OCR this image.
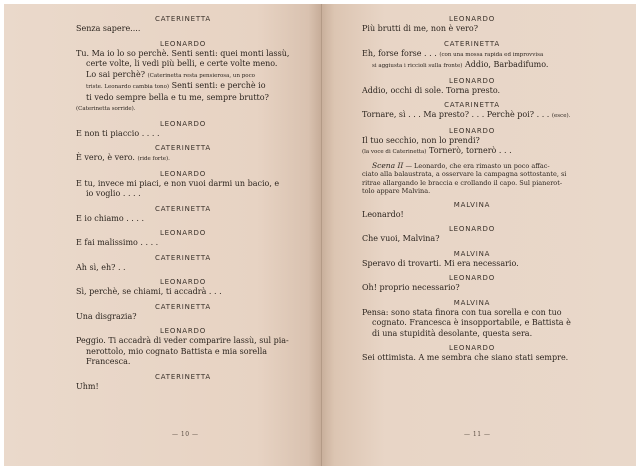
CATERINETTA
Senza sapere....
LEONARDO
Tu. Ma io lo so perchè. Senti senti: quei monti lassù,
certe volte, li vedi più belli, e certe volte meno.
Lo sai perchè? (Caterinetta resta pensierosa, un poco
triste. Leonardo cambia tono) Senti senti: e perchè io
ti vedo sempre bella e tu me, sempre brutto?
(Caterinetta sorride).
LEONARDO
E non ti piaccio . . . .
CATERINETTA
È vero, è vero. (ride forte).
LEONARDO
E tu, invece mi piaci, e non vuoi darmi un bacio, e
io voglio . . . .
CATERINETTA
E io chiamo . . . .
LEONARDO
E fai malissimo . . . .
CATERINETTA
Ah sì, eh? . .
LEONARDO
Sì, perchè, se chiami, ti accadrà . . .
CATERINETTA
Una disgrazia?
LEONARDO
Peggio. Ti accadrà di veder comparire lassù, sul pia-
nerottolo, mio cognato Battista e mia sorella
Francesca.
CATERINETTA
Uhm!
— 10 —
LEONARDO
Più brutti di me, non è vero?
CATERINETTA
Eh, forse forse . . . (con una mossa rapida ed improvvisa
si aggiusta i riccioli sulla fronte) Addio, Barbadifumo.
LEONARDO
Addio, occhi di sole. Torna presto.
CATARINETTA
Tornare, sì . . . Ma presto? . . . Perchè poi? . . . (esce).
LEONARDO
Il tuo secchio, non lo prendi?
(la voce di Caterinetta) Tornerò, tornerò . . .
Scena II — Leonardo, che era rimasto un poco affac-
ciato alla balaustrata, a osservare la campagna sottostante, si
ritrae allargando le braccia e crollando il capo. Sul pianerot-
tolo appare Malvina.
MALVINA
Leonardo!
LEONARDO
Che vuoi, Malvina?
MALVINA
Speravo di trovarti. Mi era necessario.
LEONARDO
Oh! proprio necessario?
MALVINA
Pensa: sono stata finora con tua sorella e con tuo
cognato. Francesca è insopportabile, e Battista è
di una stupidità desolante, questa sera.
LEONARDO
Sei ottimista. A me sembra che siano stati sempre.
— 11 —
